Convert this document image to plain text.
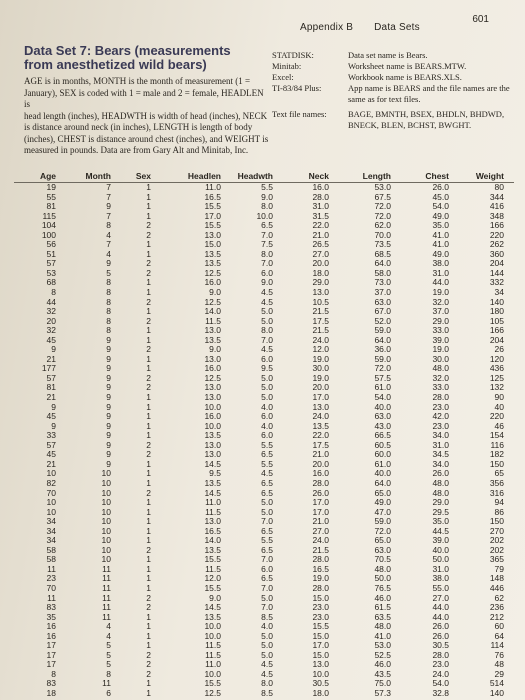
Appendix B Data Sets
601
Data Set 7: Bears (measurements from anesthetized wild bears)
AGE is in months, MONTH is the month of measurement (1 =
January), SEX is coded with 1 = male and 2 = female, HEADLEN is
head length (inches), HEADWTH is width of head (inches), NECK
is distance around neck (in inches), LENGTH is length of body
(inches), CHEST is distance around chest (inches), and WEIGHT is
measured in pounds. Data are from Gary Alt and Minitab, Inc.
STATDISK:	Data set name is Bears.
Minitab:	Worksheet name is BEARS.MTW.
Excel:	Workbook name is BEARS.XLS.
TI-83/84 Plus:	App name is BEARS and the file names are the
same as for text files.
Text file names:	BAGE, BMNTH, BSEX, BHDLN, BHDWD,
BNECK, BLEN, BCHST, BWGHT.
Age	Month	Sex	Headlen	Headwth	Neck	Length	Chest	Weight
19	7	1	11.0	5.5	16.0	53.0	26.0	80
55	7	1	16.5	9.0	28.0	67.5	45.0	344
81	9	1	15.5	8.0	31.0	72.0	54.0	416
115	7	1	17.0	10.0	31.5	72.0	49.0	348
104	8	2	15.5	6.5	22.0	62.0	35.0	166
100	4	2	13.0	7.0	21.0	70.0	41.0	220
56	7	1	15.0	7.5	26.5	73.5	41.0	262
51	4	1	13.5	8.0	27.0	68.5	49.0	360
57	9	2	13.5	7.0	20.0	64.0	38.0	204
53	5	2	12.5	6.0	18.0	58.0	31.0	144
68	8	1	16.0	9.0	29.0	73.0	44.0	332
8	8	1	9.0	4.5	13.0	37.0	19.0	34
44	8	2	12.5	4.5	10.5	63.0	32.0	140
32	8	1	14.0	5.0	21.5	67.0	37.0	180
20	8	2	11.5	5.0	17.5	52.0	29.0	105
32	8	1	13.0	8.0	21.5	59.0	33.0	166
45	9	1	13.5	7.0	24.0	64.0	39.0	204
9	9	2	9.0	4.5	12.0	36.0	19.0	26
21	9	1	13.0	6.0	19.0	59.0	30.0	120
177	9	1	16.0	9.5	30.0	72.0	48.0	436
57	9	2	12.5	5.0	19.0	57.5	32.0	125
81	9	2	13.0	5.0	20.0	61.0	33.0	132
21	9	1	13.0	5.0	17.0	54.0	28.0	90
9	9	1	10.0	4.0	13.0	40.0	23.0	40
45	9	1	16.0	6.0	24.0	63.0	42.0	220
9	9	1	10.0	4.0	13.5	43.0	23.0	46
33	9	1	13.5	6.0	22.0	66.5	34.0	154
57	9	2	13.0	5.5	17.5	60.5	31.0	116
45	9	2	13.0	6.5	21.0	60.0	34.5	182
21	9	1	14.5	5.5	20.0	61.0	34.0	150
10	10	1	9.5	4.5	16.0	40.0	26.0	65
82	10	1	13.5	6.5	28.0	64.0	48.0	356
70	10	2	14.5	6.5	26.0	65.0	48.0	316
10	10	1	11.0	5.0	17.0	49.0	29.0	94
10	10	1	11.5	5.0	17.0	47.0	29.5	86
34	10	1	13.0	7.0	21.0	59.0	35.0	150
34	10	1	16.5	6.5	27.0	72.0	44.5	270
34	10	1	14.0	5.5	24.0	65.0	39.0	202
58	10	2	13.5	6.5	21.5	63.0	40.0	202
58	10	1	15.5	7.0	28.0	70.5	50.0	365
11	11	1	11.5	6.0	16.5	48.0	31.0	79
23	11	1	12.0	6.5	19.0	50.0	38.0	148
70	11	1	15.5	7.0	28.0	76.5	55.0	446
11	11	2	9.0	5.0	15.0	46.0	27.0	62
83	11	2	14.5	7.0	23.0	61.5	44.0	236
35	11	1	13.5	8.5	23.0	63.5	44.0	212
16	4	1	10.0	4.0	15.5	48.0	26.0	60
16	4	1	10.0	5.0	15.0	41.0	26.0	64
17	5	1	11.5	5.0	17.0	53.0	30.5	114
17	5	2	11.5	5.0	15.0	52.5	28.0	76
17	5	2	11.0	4.5	13.0	46.0	23.0	48
8	8	2	10.0	4.5	10.0	43.5	24.0	29
83	11	1	15.5	8.0	30.5	75.0	54.0	514
18	6	1	12.5	8.5	18.0	57.3	32.8	140
